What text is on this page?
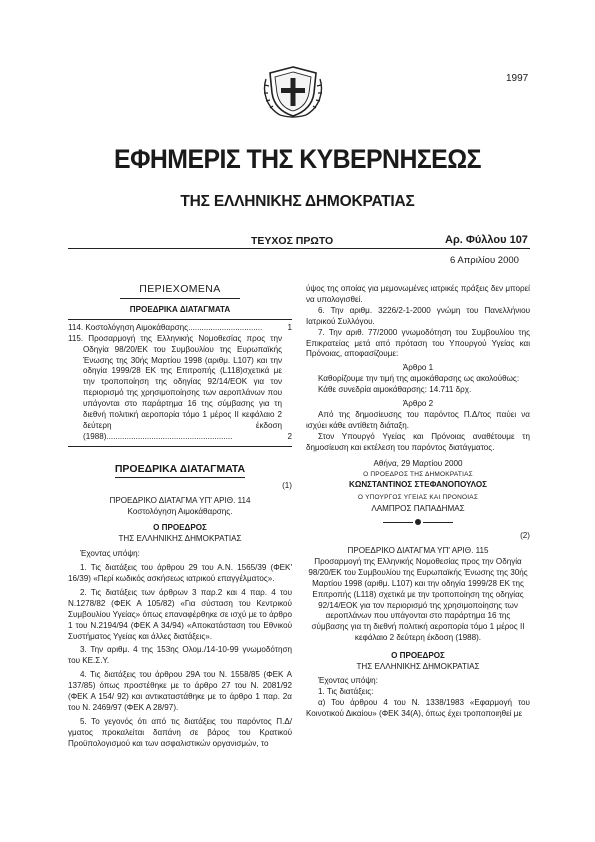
1997
ΕΦΗΜΕΡΙΣ ΤΗΣ ΚΥΒΕΡΝΗΣΕΩΣ
ΤΗΣ ΕΛΛΗΝΙΚΗΣ ΔΗΜΟΚΡΑΤΙΑΣ
ΤΕΥΧΟΣ ΠΡΩΤΟ	Αρ. Φύλλου 107
6 Απριλίου 2000

ΠΕΡΙΕΧΟΜΕΝΑ

ΠΡΟΕΔΡΙΚΑ ΔΙΑΤΑΓΜΑΤΑ

114. Κοστολόγηση Αιμοκάθαρσης.................................	1
115. Προσαρμογή της Ελληνικής Νομοθεσίας προς την Οδηγία 98/20/ΕΚ του Συμβουλίου της Ευρωπαϊκής Ένωσης της 30ής Μαρτίου 1998 (αριθμ. L107) και την οδηγία 1999/28 ΕΚ της Επιτροπής (L118)σχετικά με την τροποποίηση της οδηγίας 92/14/ΕΟΚ για τον περιορισμό της χρησιμοποίησης των αεροπλάνων που υπάγονται στο παράρτημα 16 της σύμβασης για τη διεθνή πολιτική αεροπορία τόμο 1 μέρος ΙΙ κεφάλαιο 2 δεύτερη έκδοση (1988)........................................................	2

ΠΡΟΕΔΡΙΚΑ ΔΙΑΤΑΓΜΑΤΑ

(1)

ΠΡΟΕΔΡΙΚΟ ΔΙΑΤΑΓΜΑ ΥΠ' ΑΡΙΘ. 114

Κοστολόγηση Αιμοκάθαρσης.

Ο ΠΡΟΕΔΡΟΣ

ΤΗΣ ΕΛΛΗΝΙΚΗΣ ΔΗΜΟΚΡΑΤΙΑΣ

Έχοντας υπόψη:

1. Τις διατάξεις του άρθρου 29 του Α.Ν. 1565/39 (ΦΕΚ' 16/39) «Περί κωδικός ασκήσεως ιατρικού επαγγέλματος».

2. Τις διατάξεις των άρθρων 3 παρ.2 και 4 παρ. 4 του Ν.1278/82 (ΦΕΚ Α 105/82) «Για σύσταση του Κεντρικού Συμβουλίου Υγείας» όπως επαναφέρθηκε σε ισχύ με το άρθρο 1 του Ν.2194/94 (ΦΕΚ Α 34/94) «Αποκατάσταση του Εθνικού Συστήματος Υγείας και άλλες διατάξεις».

3. Την αριθμ. 4 της 153ης Ολομ./14-10-99 γνωμοδότηση του ΚΕ.Σ.Υ.

4. Τις διατάξεις του άρθρου 29Α του Ν. 1558/85 (ΦΕΚ Α 137/85) όπως προστέθηκε με το άρθρο 27 του Ν. 2081/92 (ΦΕΚ Α 154/ 92) και αντικαταστάθηκε με το άρθρο 1 παρ. 2α του Ν. 2469/97 (ΦΕΚ Α 28/97).

5. Το γεγονός ότι από τις διατάξεις του παρόντος Π.Δ/γματος προκαλείται δαπάνη σε βάρος του Κρατικού Προϋπολογισμού και των ασφαλιστικών οργανισμών, το

ύψος της οποίας για μεμονωμένες ιατρικές πράξεις δεν μπορεί να υπολογισθεί.

6. Την αριθμ. 3226/2-1-2000 γνώμη του Πανελλήνιου Ιατρικού Συλλόγου.

7. Την αριθ. 77/2000 γνωμοδότηση του Συμβουλίου της Επικρατείας μετά από πρόταση του Υπουργού Υγείας και Πρόνοιας, αποφασίζουμε:

Άρθρο 1

Καθορίζουμε την τιμή της αιμοκάθαρσης ως ακολούθως:

Κάθε συνεδρία αιμοκάθαρσης: 14.711 δρχ.

Άρθρο 2

Από της δημοσίευσης του παρόντος Π.Δ/τος παύει να ισχύει κάθε αντίθετη διάταξη.

Στον Υπουργό Υγείας και Πρόνοιας αναθέτουμε τη δημοσίευση και εκτέλεση του παρόντος διατάγματος.

Αθήνα, 29 Μαρτίου 2000

Ο ΠΡΟΕΔΡΟΣ ΤΗΣ ΔΗΜΟΚΡΑΤΙΑΣ

ΚΩΝΣΤΑΝΤΙΝΟΣ ΣΤΕΦΑΝΟΠΟΥΛΟΣ

Ο ΥΠΟΥΡΓΟΣ ΥΓΕΙΑΣ ΚΑΙ ΠΡΟΝΟΙΑΣ

ΛΑΜΠΡΟΣ ΠΑΠΑΔΗΜΑΣ

(2)

ΠΡΟΕΔΡΙΚΟ ΔΙΑΤΑΓΜΑ ΥΠ' ΑΡΙΘ. 115

Προσαρμογή της Ελληνικής Νομοθεσίας προς την Οδηγία 98/20/ΕΚ του Συμβουλίου της Ευρωπαϊκής Ένωσης της 30ής Μαρτίου 1998 (αριθμ. L107) και την οδηγία 1999/28 ΕΚ της Επιτροπής (L118) σχετικά με την τροποποίηση της οδηγίας 92/14/ΕΟΚ για τον περιορισμό της χρησιμοποίησης των αεροπλάνων που υπάγονται στο παράρτημα 16 της σύμβασης για τη διεθνή πολιτική αεροπορία τόμο 1 μέρος ΙΙ κεφάλαιο 2 δεύτερη έκδοση (1988).

Ο ΠΡΟΕΔΡΟΣ

ΤΗΣ ΕΛΛΗΝΙΚΗΣ ΔΗΜΟΚΡΑΤΙΑΣ

Έχοντας υπόψη:

1. Τις διατάξεις:

α) Του άρθρου 4 του Ν. 1338/1983 «Εφαρμογή του Κοινοτικού Δικαίου» (ΦΕΚ 34(Α), όπως έχει τροποποιηθεί με
